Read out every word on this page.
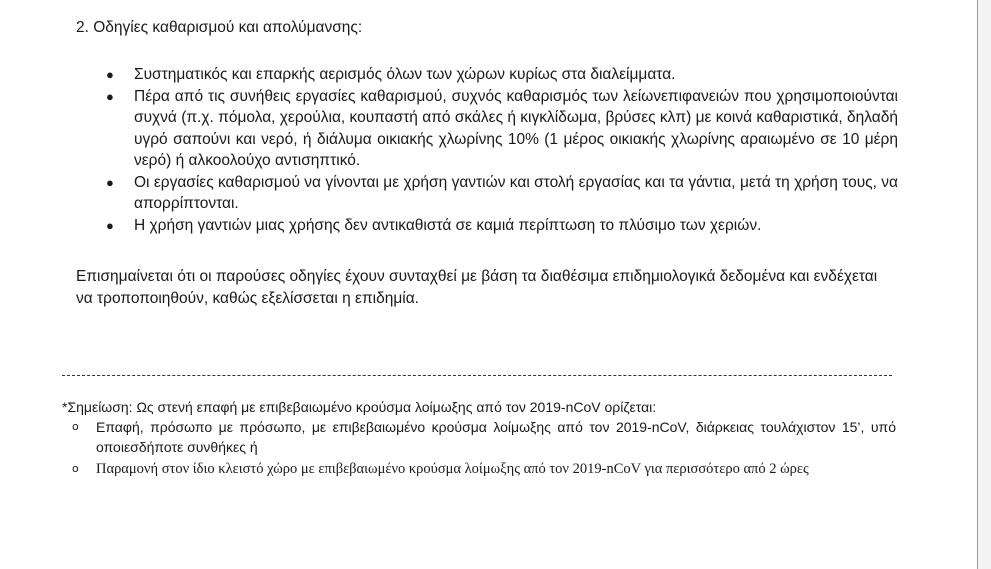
2. Οδηγίες καθαρισμού και απολύμανσης:
● Συστηματικός και επαρκής αερισμός όλων των χώρων κυρίως στα διαλείμματα.
● Πέρα από τις συνήθεις εργασίες καθαρισμού, συχνός καθαρισμός των λείωνεπιφανειών που χρησιμοποιούνται συχνά (π.χ. πόμολα, χερούλια, κουπαστή από σκάλες ή κιγκλίδωμα, βρύσες κλπ) με κοινά καθαριστικά, δηλαδή υγρό σαπούνι και νερό, ή διάλυμα οικιακής χλωρίνης 10% (1 μέρος οικιακής χλωρίνης αραιωμένο σε 10 μέρη νερό) ή αλκοολούχο αντισηπτικό.
● Οι εργασίες καθαρισμού να γίνονται με χρήση γαντιών και στολή εργασίας και τα γάντια, μετά τη χρήση τους, να απορρίπτονται.
● Η χρήση γαντιών μιας χρήσης δεν αντικαθιστά σε καμιά περίπτωση το πλύσιμο των χεριών.
Επισημαίνεται ότι οι παρούσες οδηγίες έχουν συνταχθεί με βάση τα διαθέσιμα επιδημιολογικά δεδομένα και ενδέχεται να τροποποιηθούν, καθώς εξελίσσεται η επιδημία.
*Σημείωση: Ως στενή επαφή με επιβεβαιωμένο κρούσμα λοίμωξης από τον 2019-nCoV ορίζεται:
o Επαφή, πρόσωπο με πρόσωπο, με επιβεβαιωμένο κρούσμα λοίμωξης από τον 2019-nCoV, διάρκειας τουλάχιστον 15’, υπό οποιεσδήποτε συνθήκες ή
o Παραμονή στον ίδιο κλειστό χώρο με επιβεβαιωμένο κρούσμα λοίμωξης από τον 2019-nCoV για περισσότερο από 2 ώρες
